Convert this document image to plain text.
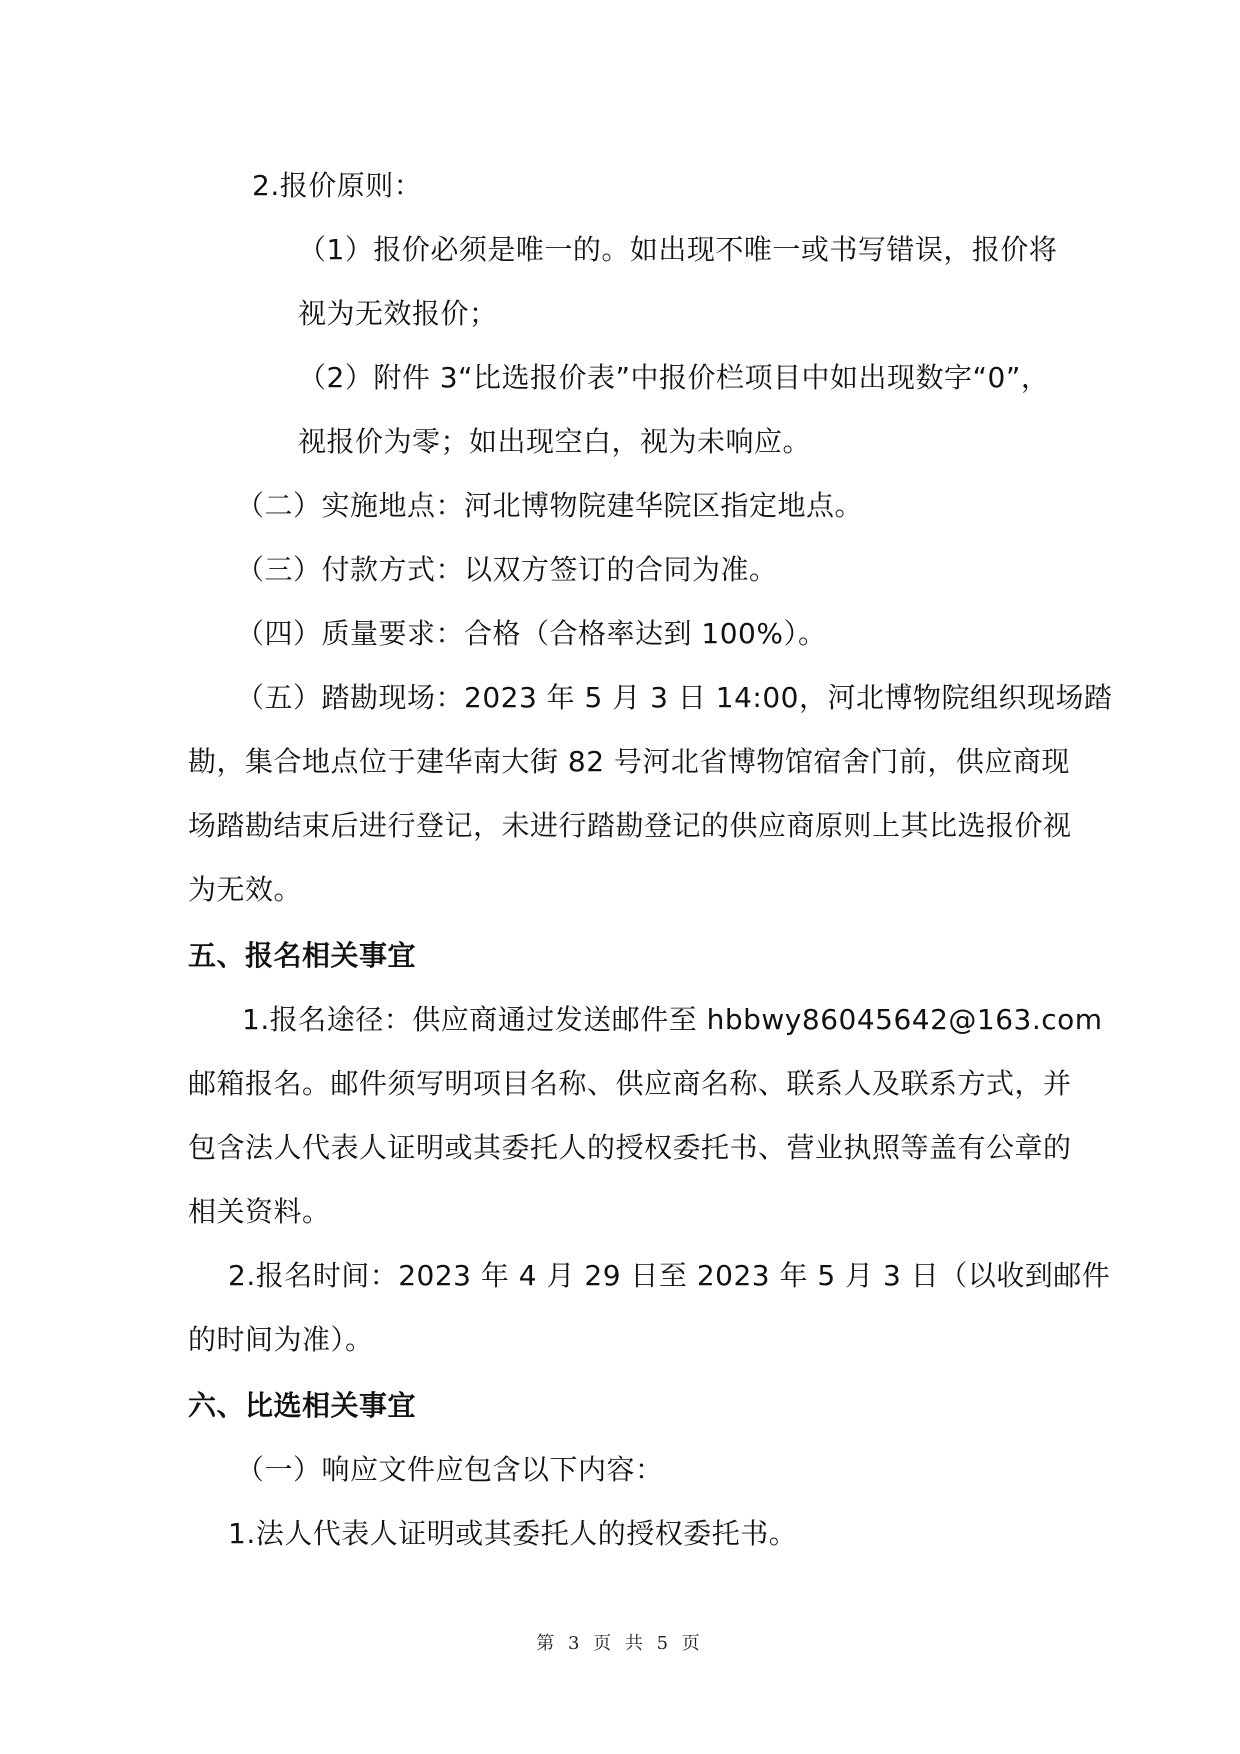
2.报价原则：
（1）报价必须是唯一的。如出现不唯一或书写错误，报价将
视为无效报价；
（2）附件 3“比选报价表”中报价栏项目中如出现数字“0”，
视报价为零；如出现空白，视为未响应。
（二）实施地点：河北博物院建华院区指定地点。
（三）付款方式：以双方签订的合同为准。
（四）质量要求：合格（合格率达到 100%）。
（五）踏勘现场：2023 年 5 月 3 日 14:00，河北博物院组织现场踏
勘，集合地点位于建华南大街 82 号河北省博物馆宿舍门前，供应商现
场踏勘结束后进行登记，未进行踏勘登记的供应商原则上其比选报价视
为无效。
五、报名相关事宜
1.报名途径：供应商通过发送邮件至 hbbwy86045642@163.com
邮箱报名。邮件须写明项目名称、供应商名称、联系人及联系方式，并
包含法人代表人证明或其委托人的授权委托书、营业执照等盖有公章的
相关资料。
2.报名时间：2023 年 4 月 29 日至 2023 年 5 月 3 日（以收到邮件
的时间为准）。
六、比选相关事宜
（一）响应文件应包含以下内容：
1.法人代表人证明或其委托人的授权委托书。
第 3 页 共 5 页
